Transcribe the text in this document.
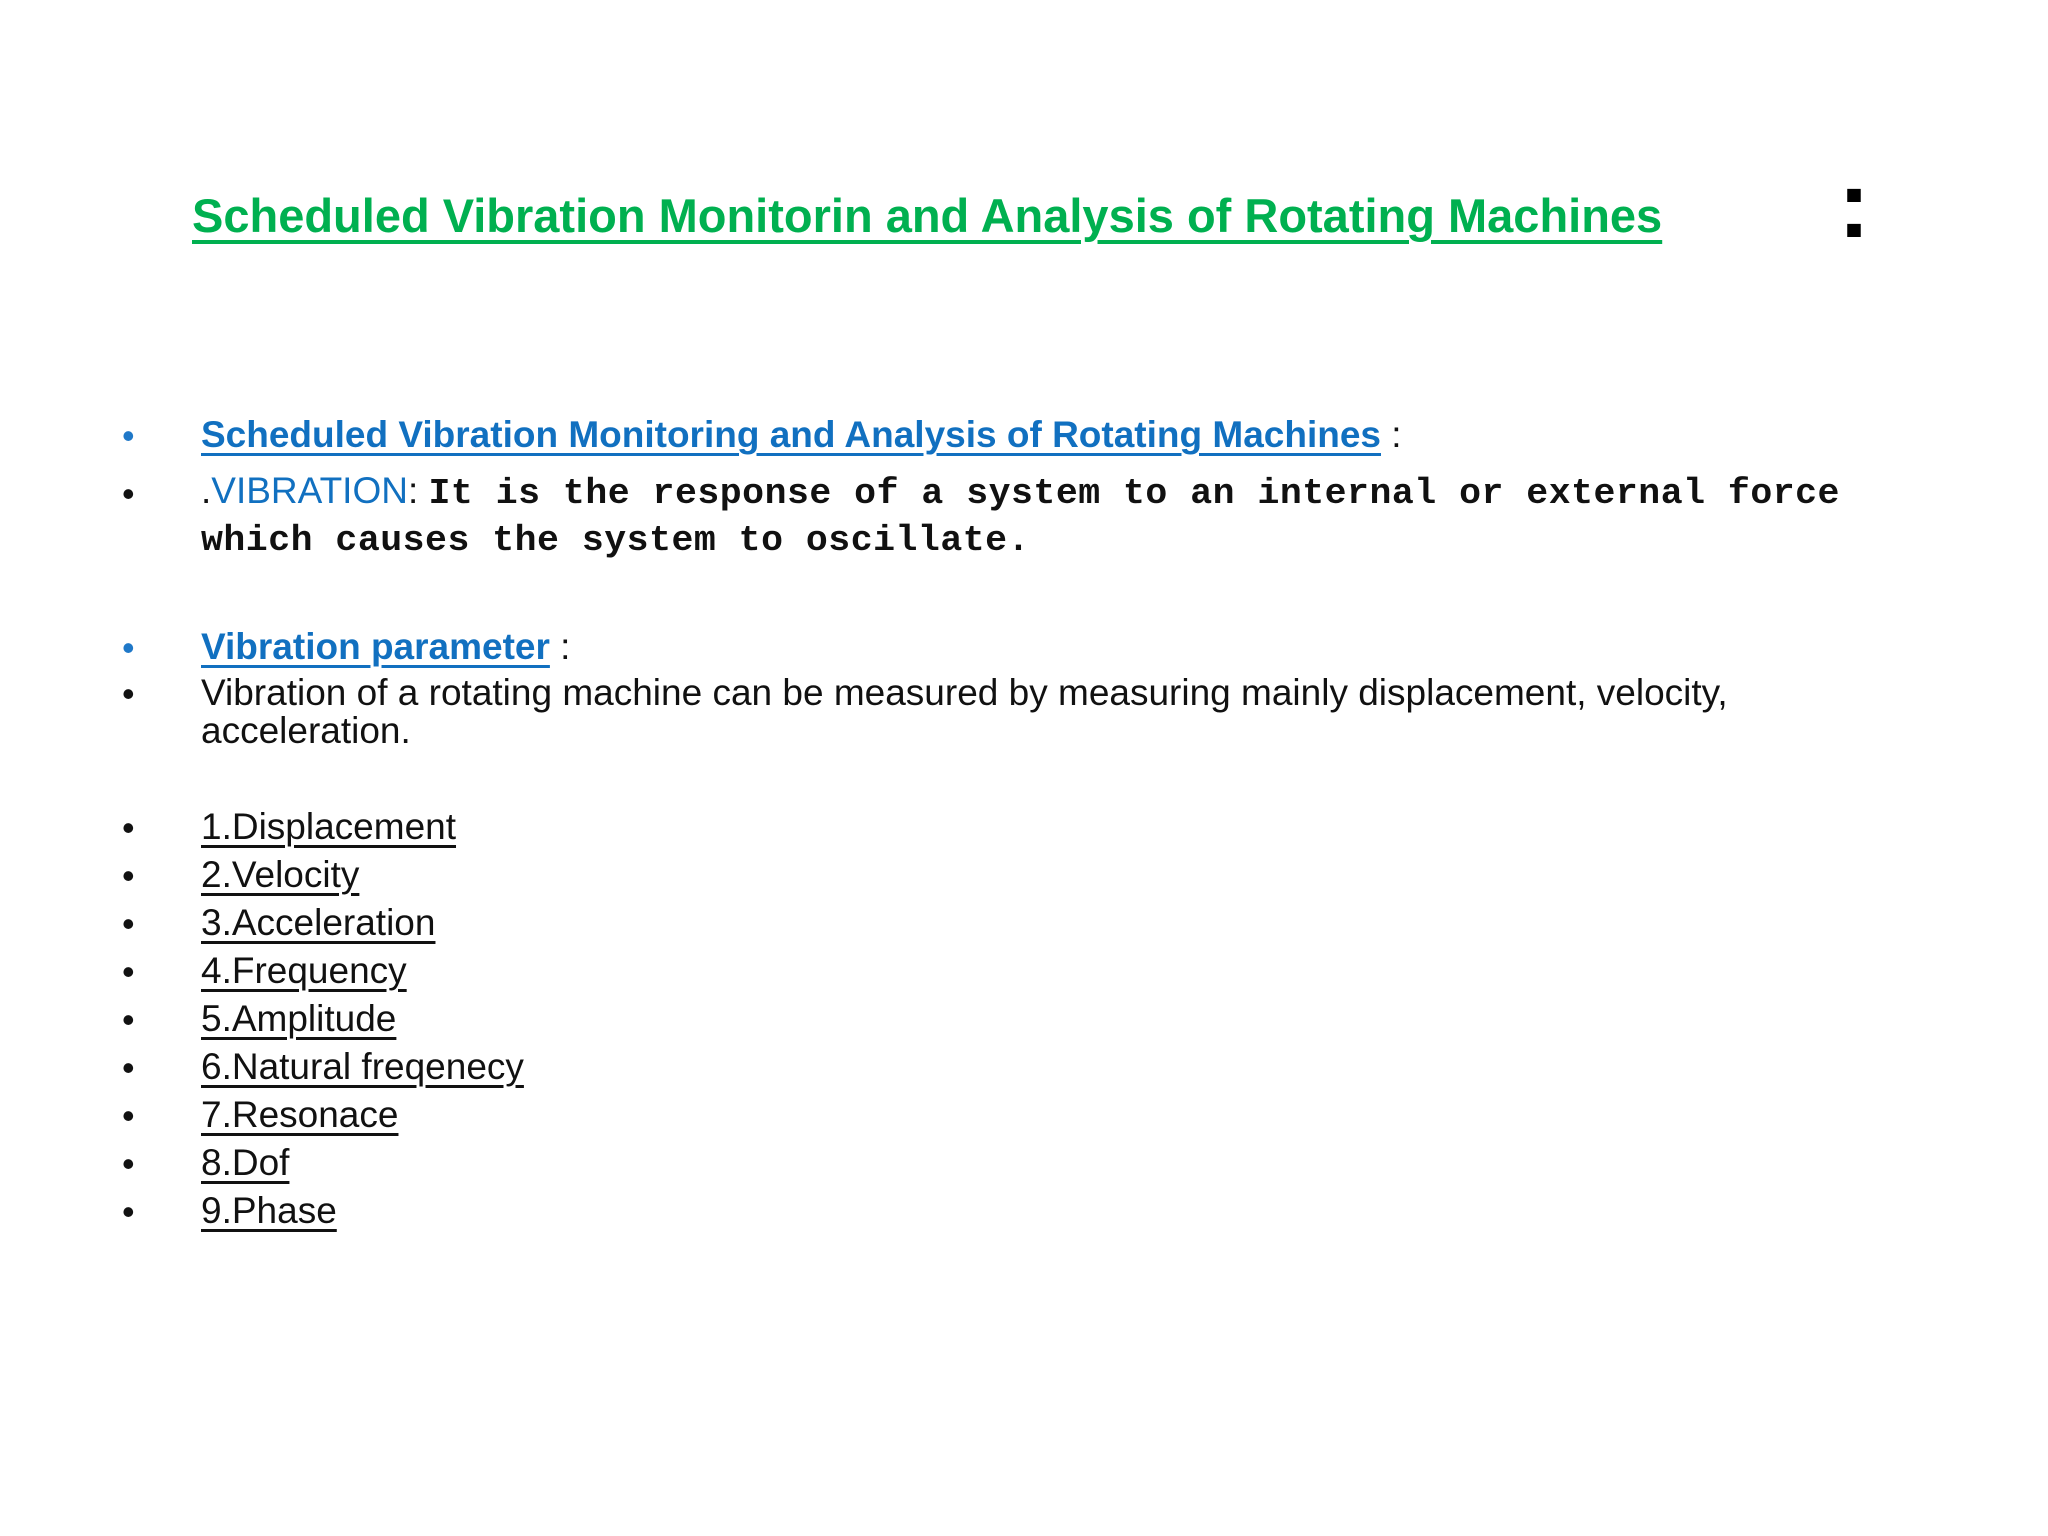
Scheduled Vibration Monitorin and Analysis of Rotating Machines :
• Scheduled Vibration Monitoring and Analysis of Rotating Machines :
• .VIBRATION: It is the response of a system to an internal or external force which causes the system to oscillate.
• Vibration parameter :
• Vibration of a rotating machine can be measured by measuring mainly displacement, velocity, acceleration.
• 1.Displacement
• 2.Velocity
• 3.Acceleration
• 4.Frequency
• 5.Amplitude
• 6.Natural freqenecy
• 7.Resonace
• 8.Dof
• 9.Phase
